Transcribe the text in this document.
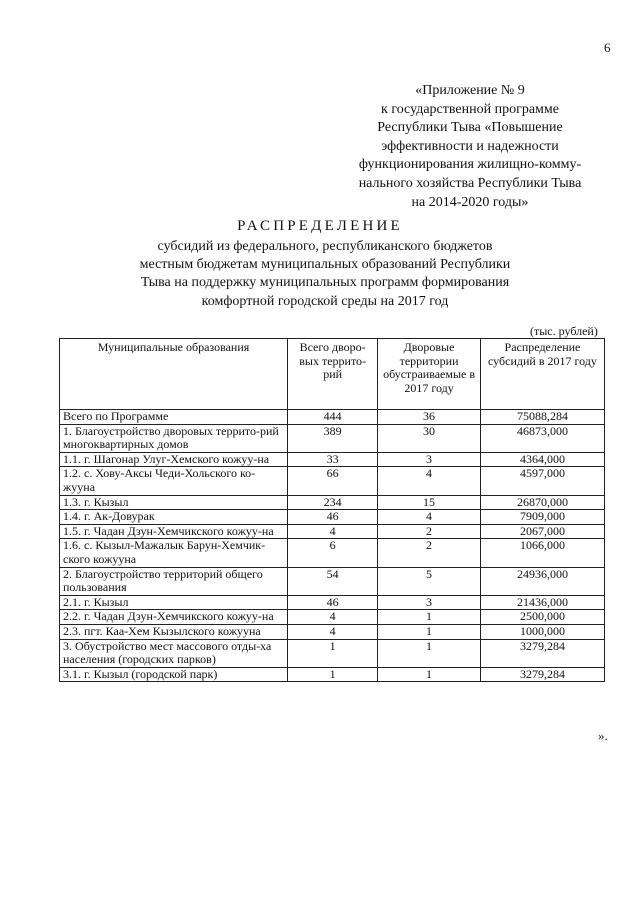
6
«Приложение № 9
к государственной программе
Республики Тыва «Повышение
эффективности и надежности
функционирования жилищно-комму-
нального хозяйства Республики Тыва
на 2014-2020 годы»
РАСПРЕДЕЛЕНИЕ
субсидий из федерального, республиканского бюджетов
местным бюджетам муниципальных образований Республики
Тыва на поддержку муниципальных программ формирования
комфортной городской среды на 2017 год
(тыс. рублей)
Муниципальные образования	Всего дворо-вых террито-рий	Дворовые территории обустраиваемые в 2017 году	Распределение субсидий в 2017 году
Всего по Программе	444	36	75088,284
1. Благоустройство дворовых террито-рий многоквартирных домов	389	30	46873,000
1.1. г. Шагонар Улуг-Хемского кожуу-на	33	3	4364,000
1.2. с. Хову-Аксы Чеди-Хольского ко-жууна	66	4	4597,000
1.3. г. Кызыл	234	15	26870,000
1.4. г. Ак-Довурак	46	4	7909,000
1.5. г. Чадан Дзун-Хемчикского кожуу-на	4	2	2067,000
1.6. с. Кызыл-Мажалык Барун-Хемчик-ского кожууна	6	2	1066,000
2. Благоустройство территорий общего пользования	54	5	24936,000
2.1. г. Кызыл	46	3	21436,000
2.2. г. Чадан Дзун-Хемчикского кожуу-на	4	1	2500,000
2.3. пгт. Каа-Хем Кызылского кожууна	4	1	1000,000
3. Обустройство мест массового отды-ха населения (городских парков)	1	1	3279,284
3.1. г. Кызыл (городской парк)	1	1	3279,284
».
